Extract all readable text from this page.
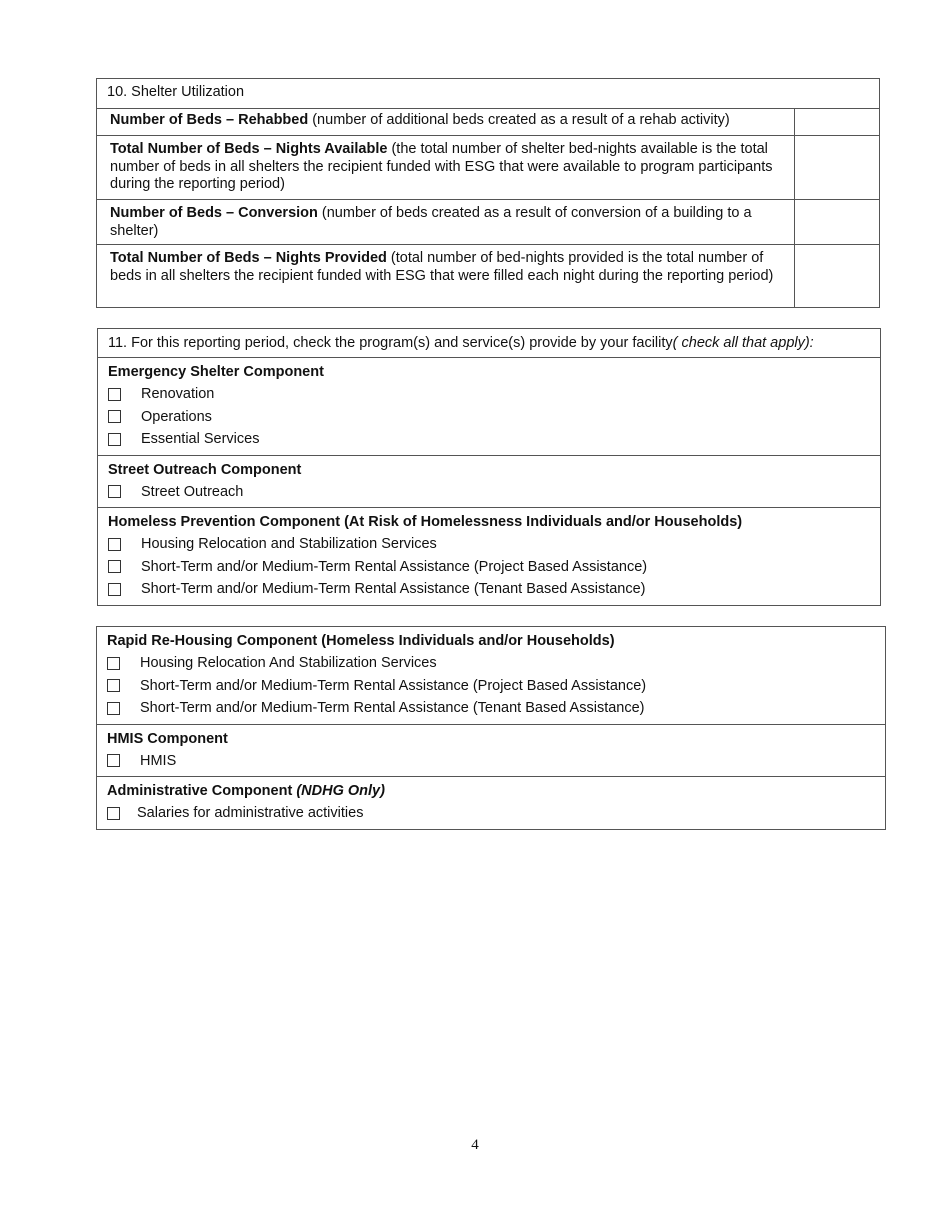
10. Shelter Utilization
Number of Beds – Rehabbed (number of additional beds created as a result of a rehab activity)
Total Number of Beds – Nights Available (the total number of shelter bed-nights available is the total number of beds in all shelters the recipient funded with ESG that were available to program participants during the reporting period)
Number of Beds – Conversion (number of beds created as a result of conversion of a building to a shelter)
Total Number of Beds – Nights Provided (total number of bed-nights provided is the total number of beds in all shelters the recipient funded with ESG that were filled each night during the reporting period)
11. For this reporting period, check the program(s) and service(s) provide by your facility( check all that apply):
Emergency Shelter Component
Renovation
Operations
Essential Services
Street Outreach Component
Street Outreach
Homeless Prevention Component (At Risk of Homelessness Individuals and/or Households)
Housing Relocation and Stabilization Services
Short-Term and/or Medium-Term Rental Assistance (Project Based Assistance)
Short-Term and/or Medium-Term Rental Assistance (Tenant Based Assistance)
Rapid Re-Housing Component (Homeless Individuals and/or Households)
Housing Relocation And Stabilization Services
Short-Term and/or Medium-Term Rental Assistance (Project Based Assistance)
Short-Term and/or Medium-Term Rental Assistance (Tenant Based Assistance)
HMIS Component
HMIS
Administrative Component (NDHG Only)
Salaries for administrative activities
4
